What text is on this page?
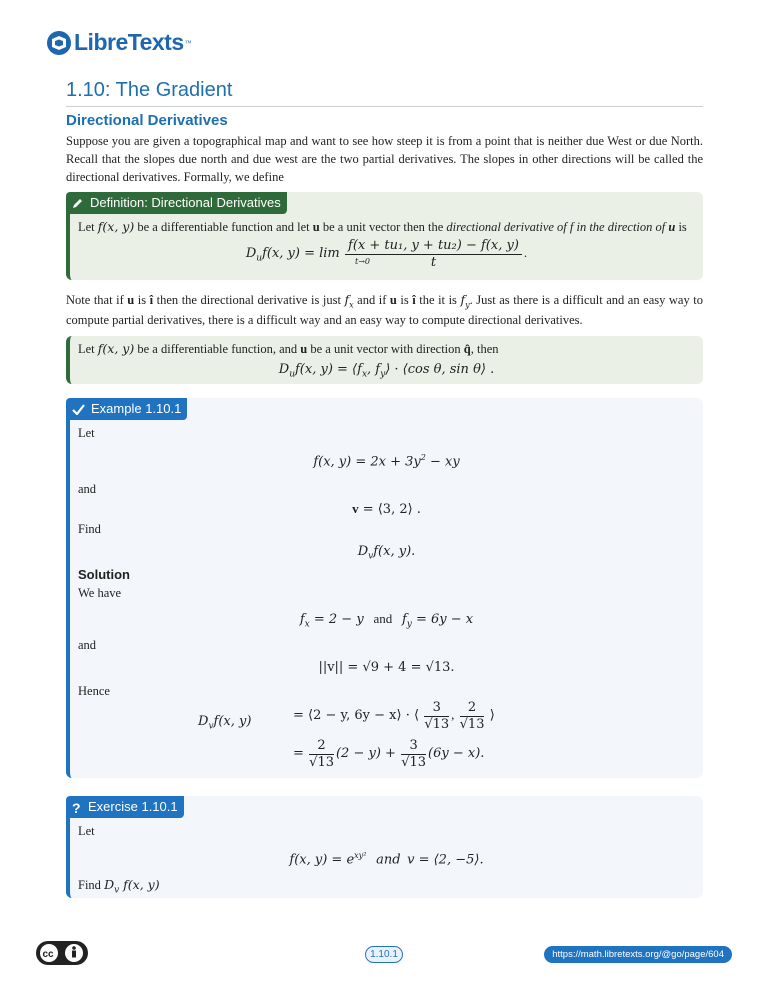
LibreTexts ™
1.10: The Gradient
Directional Derivatives

Suppose you are given a topographical map and want to see how steep it is from a point that is neither due West or due North. Recall that the slopes due north and due west are the two partial derivatives. The slopes in other directions will be called the directional derivatives. Formally, we define

Definition: Directional Derivatives
Let f(x, y) be a differentiable function and let u be a unit vector then the directional derivative of f in the direction of u is
$D_uf(x$, $y) = \lim \frac{\text{f(x + tu₁, y + tu₂) − f(x, y)}}{t}$ .
t→0

Note that if u is î then the directional derivative is just $f_x$ and if u is î the it is $f_y$. Just as there is a difficult and an easy way to compute partial derivatives, there is a difficult way and an easy way to compute directional derivatives.

Let f(x, y) be a differentiable function, and u be a unit vector with direction q̂, then
$D_uf(x$, $y) = ⟨f_x$, $f_y⟩$ · ⟨cos θ, sin θ⟩ .
Example 1.10.1
Let
f(x, $y) = 2x + 3y^2$ − xy
and
v = ⟨3, 2⟩ .
Find
$D_vf(x$, y).
Solution
We have
$f_x = 2 - y$ and $f_y = 6y - x$
and
||v|| = √9 + 4 = √13.
Hence
$D_vf(x$, y)	= ⟨2 − y, 6y − x⟩ · ⟨ $\frac{3}{√13}$ , $\frac{2}{√13}$ ⟩
= $\frac{2}{√13} (2 - y) + \frac{3}{√13} (6y - x)$.
? Exercise 1.10.1
Let
f(x, $y) = e^{xy^2}$ and v = ⟨2, −5⟩.
Find $D_v$ f(x, y)
cc	1.10.1	https://math.libretexts.org/@go/page/604
